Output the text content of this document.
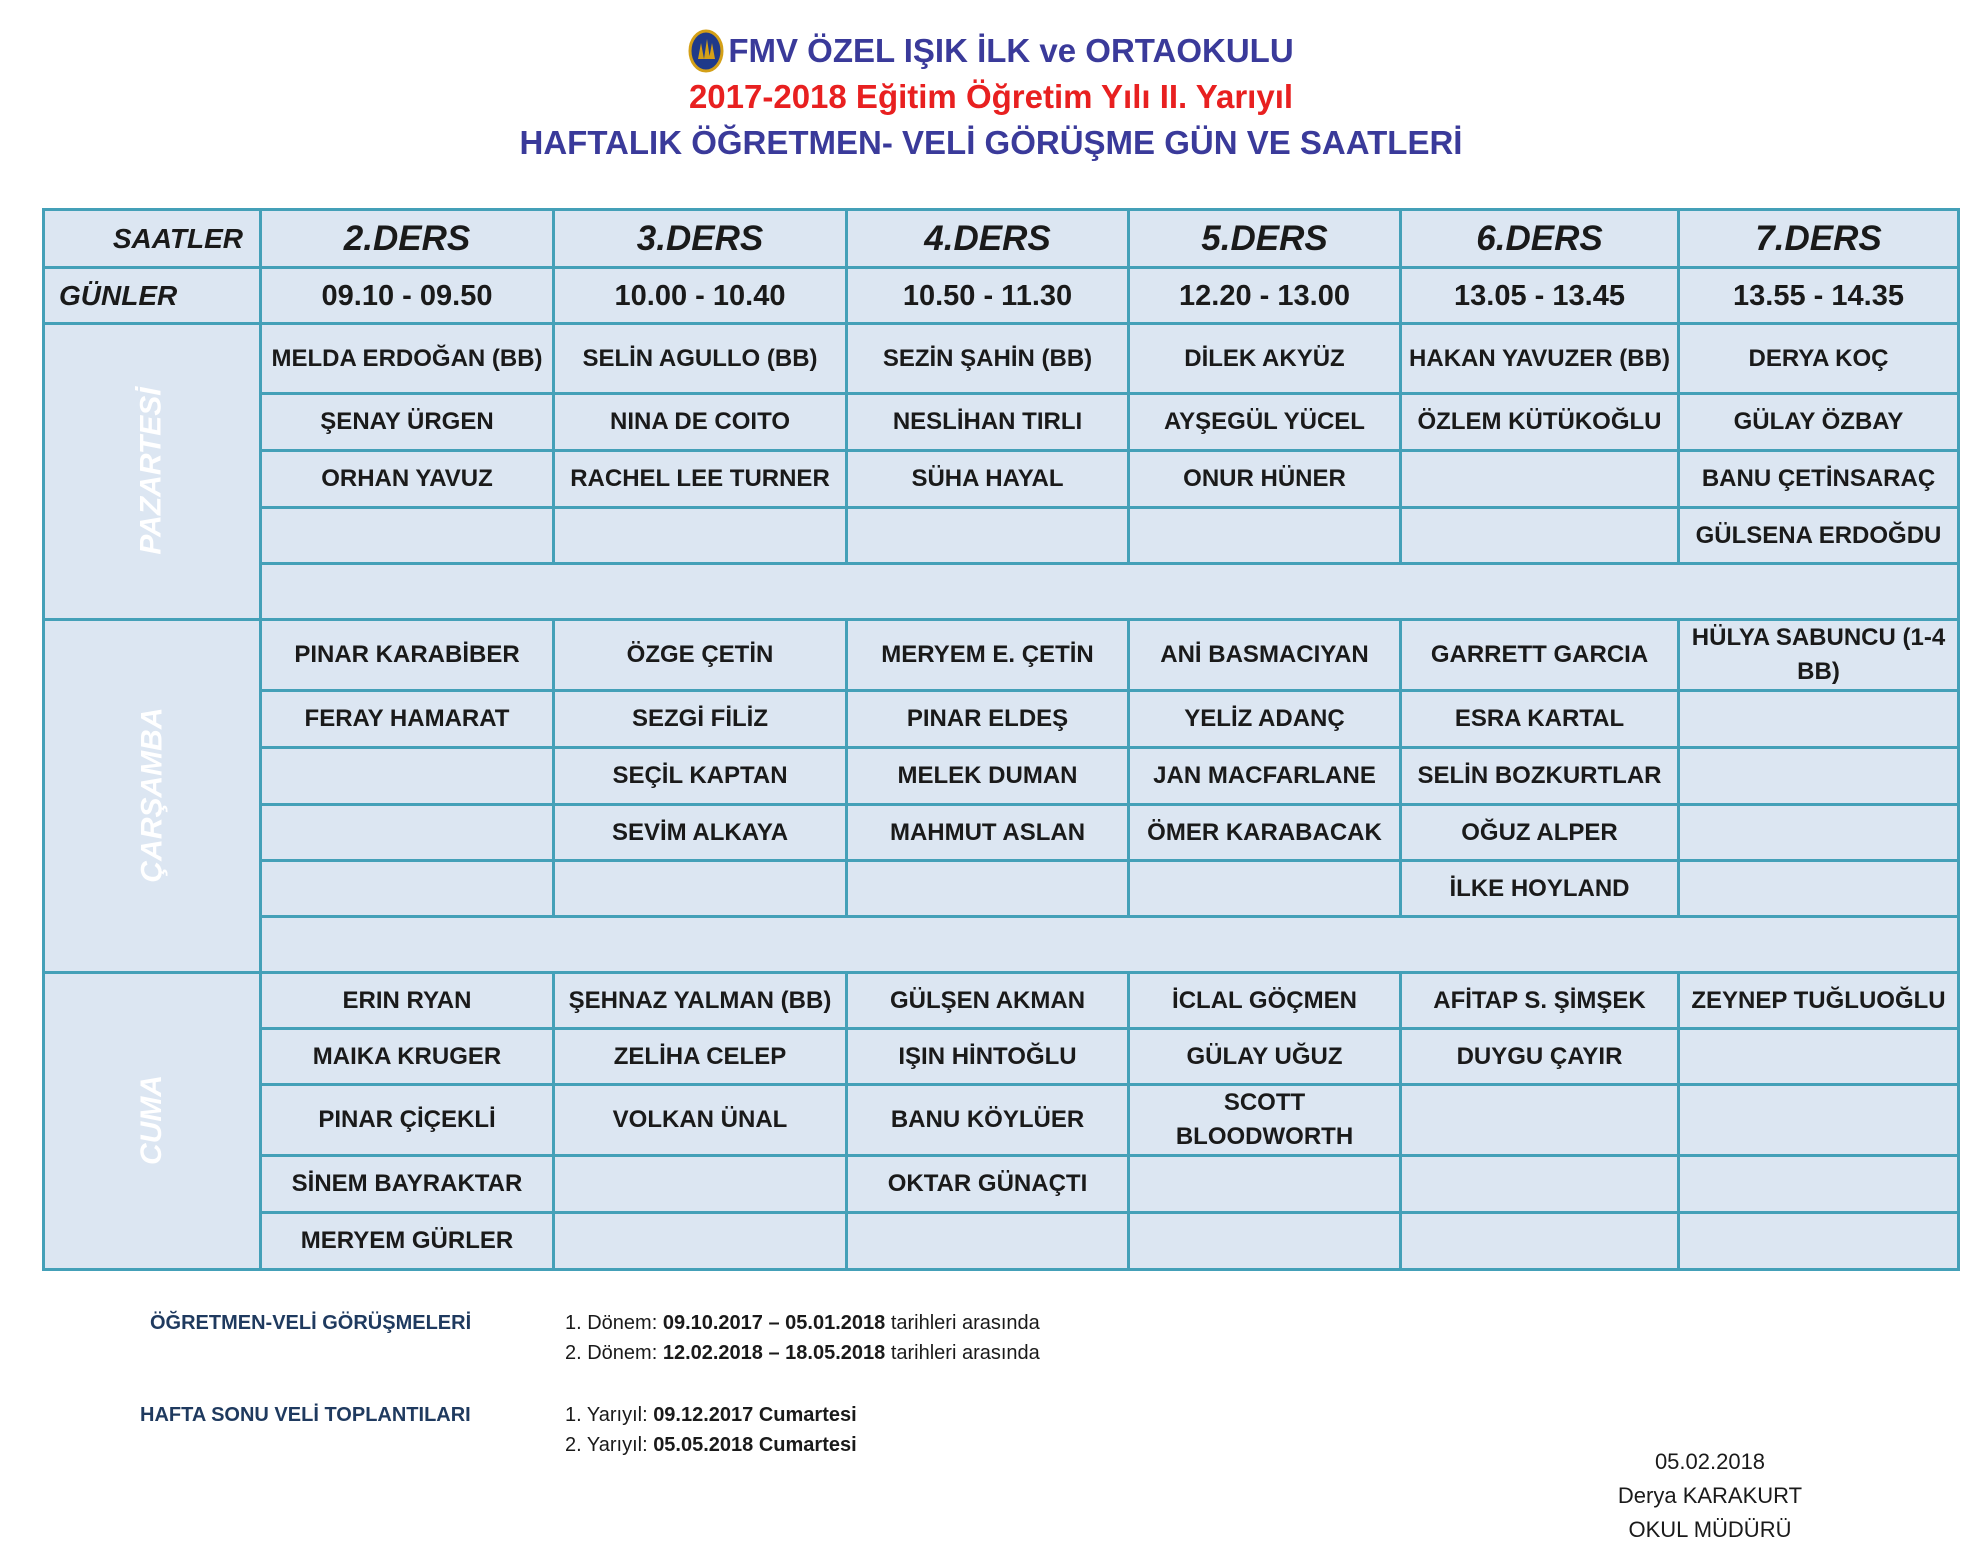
FMV ÖZEL IŞIK İLK ve ORTAOKULU
2017-2018 Eğitim Öğretim Yılı II. Yarıyıl
HAFTALIK ÖĞRETMEN- VELİ GÖRÜŞME GÜN VE SAATLERİ
SAATLER	2.DERS	3.DERS	4.DERS	5.DERS	6.DERS	7.DERS
GÜNLER	09.10 - 09.50	10.00 - 10.40	10.50 - 11.30	12.20 - 13.00	13.05 - 13.45	13.55 - 14.35
PAZARTESİ	MELDA ERDOĞAN (BB)	SELİN AGULLO (BB)	SEZİN ŞAHİN (BB)	DİLEK AKYÜZ	HAKAN YAVUZER (BB)	DERYA KOÇ
	ŞENAY ÜRGEN	NINA DE COITO	NESLİHAN TIRLI	AYŞEGÜL YÜCEL	ÖZLEM KÜTÜKOĞLU	GÜLAY ÖZBAY
	ORHAN YAVUZ	RACHEL LEE TURNER	SÜHA HAYAL	ONUR HÜNER		BANU ÇETİNSARAÇ
						GÜLSENA ERDOĞDU

ÇARŞAMBA	PINAR KARABİBER	ÖZGE ÇETİN	MERYEM E. ÇETİN	ANİ BASMACIYAN	GARRETT GARCIA	HÜLYA SABUNCU (1-4 BB)
	FERAY HAMARAT	SEZGİ FİLİZ	PINAR ELDEŞ	YELİZ ADANÇ	ESRA KARTAL	
		SEÇİL KAPTAN	MELEK DUMAN	JAN MACFARLANE	SELİN BOZKURTLAR	
		SEVİM ALKAYA	MAHMUT ASLAN	ÖMER KARABACAK	OĞUZ ALPER	
					İLKE HOYLAND	

CUMA	ERIN RYAN	ŞEHNAZ YALMAN (BB)	GÜLŞEN AKMAN	İCLAL GÖÇMEN	AFİTAP S. ŞİMŞEK	ZEYNEP TUĞLUOĞLU
	MAIKA KRUGER	ZELİHA CELEP	IŞIN HİNTOĞLU	GÜLAY UĞUZ	DUYGU ÇAYIR	
	PINAR ÇİÇEKLİ	VOLKAN ÜNAL	BANU KÖYLÜER	SCOTT BLOODWORTH		
	SİNEM BAYRAKTAR		OKTAR GÜNAÇTI			
	MERYEM GÜRLER					
ÖĞRETMEN-VELİ GÖRÜŞMELERİ	1. Dönem: 09.10.2017 – 05.01.2018 tarihleri arasında
2. Dönem: 12.02.2018 – 18.05.2018 tarihleri arasında
HAFTA SONU VELİ TOPLANTILARI	1. Yarıyıl: 09.12.2017 Cumartesi
2. Yarıyıl: 05.05.2018 Cumartesi
05.02.2018
Derya KARAKURT
OKUL MÜDÜRÜ
